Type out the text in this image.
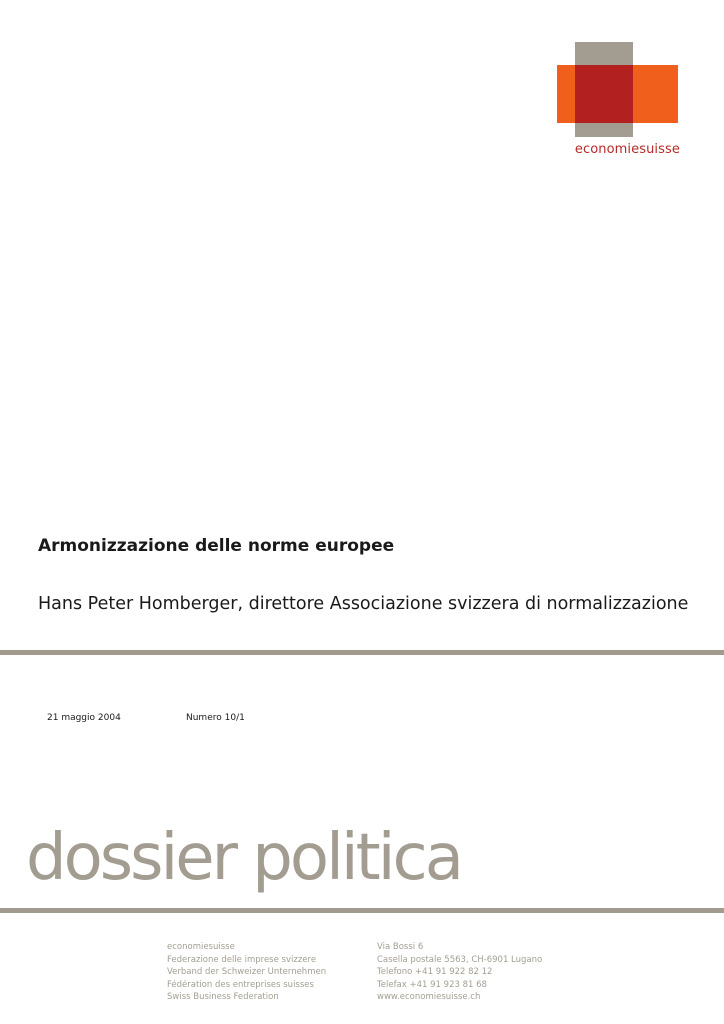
economiesuisse
Armonizzazione delle norme europee
Hans Peter Homberger, direttore Associazione svizzera di normalizzazione
21 maggio 2004	Numero 10/1
dossier politica
economiesuisse
Federazione delle imprese svizzere
Verband der Schweizer Unternehmen
Fédération des entreprises suisses
Swiss Business Federation
Via Bossi 6
Casella postale 5563, CH-6901 Lugano
Telefono +41 91 922 82 12
Telefax +41 91 923 81 68
www.economiesuisse.ch
